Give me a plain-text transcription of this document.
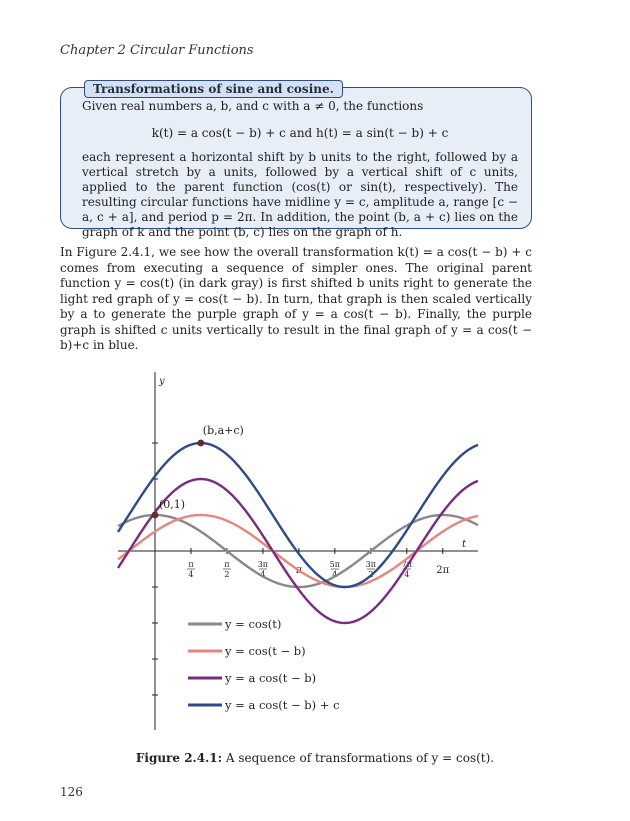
Chapter 2 Circular Functions
Transformations of sine and cosine.
Given real numbers a, b, and c with a ≠ 0, the functions
k(t) = a cos(t − b) + c and h(t) = a sin(t − b) + c
each represent a horizontal shift by b units to the right, followed by a vertical stretch by a units, followed by a vertical shift of c units, applied to the parent function (cos(t) or sin(t), respectively). The resulting circular functions have midline y = c, amplitude a, range [c − a, c + a], and period p = 2π. In addition, the point (b, a + c) lies on the graph of k and the point (b, c) lies on the graph of h.
In Figure 2.4.1, we see how the overall transformation k(t) = a cos(t − b) + c comes from executing a sequence of simpler ones. The original parent function y = cos(t) (in dark gray) is first shifted b units right to generate the light red graph of y = cos(t − b). In turn, that graph is then scaled vertically by a to generate the purple graph of y = a cos(t − b). Finally, the purple graph is shifted c units vertically to result in the final graph of y = a cos(t − b)+c in blue.
t
y
π
4
π
2
3π
4	π
5π
4
3π
2
7π
4	2π
(0,1)
(b,a+c)
y = cos(t)
y = cos(t − b)
y = a cos(t − b)
y = a cos(t − b) + c
Figure 2.4.1: A sequence of transformations of y = cos(t).
126
